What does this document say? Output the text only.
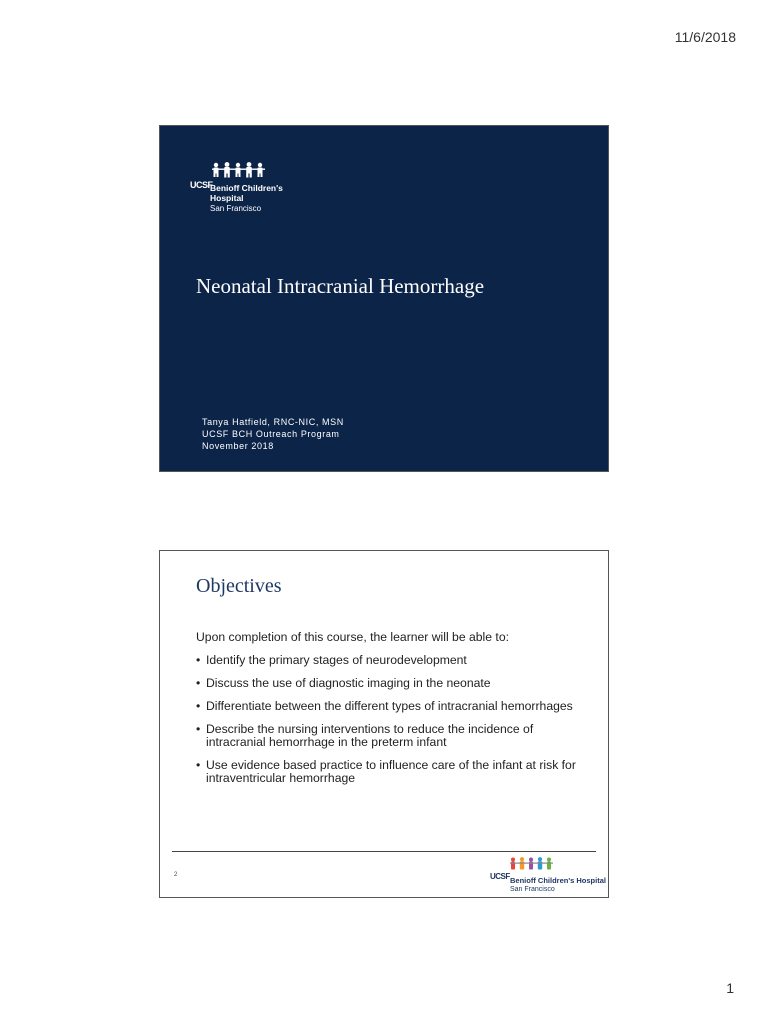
11/6/2018
UCSF
Benioff Children's
Hospital
San Francisco
Neonatal Intracranial Hemorrhage
Tanya Hatfield, RNC-NIC, MSN
UCSF BCH Outreach Program
November 2018
Objectives
Upon completion of this course, the learner will be able to:
• Identify the primary stages of neurodevelopment
• Discuss the use of diagnostic imaging in the neonate
• Differentiate between the different types of intracranial hemorrhages
• Describe the nursing interventions to reduce the incidence of intracranial hemorrhage in the preterm infant
• Use evidence based practice to influence care of the infant at risk for intraventricular hemorrhage
2	UCSF Benioff Children's Hospital
San Francisco
1
